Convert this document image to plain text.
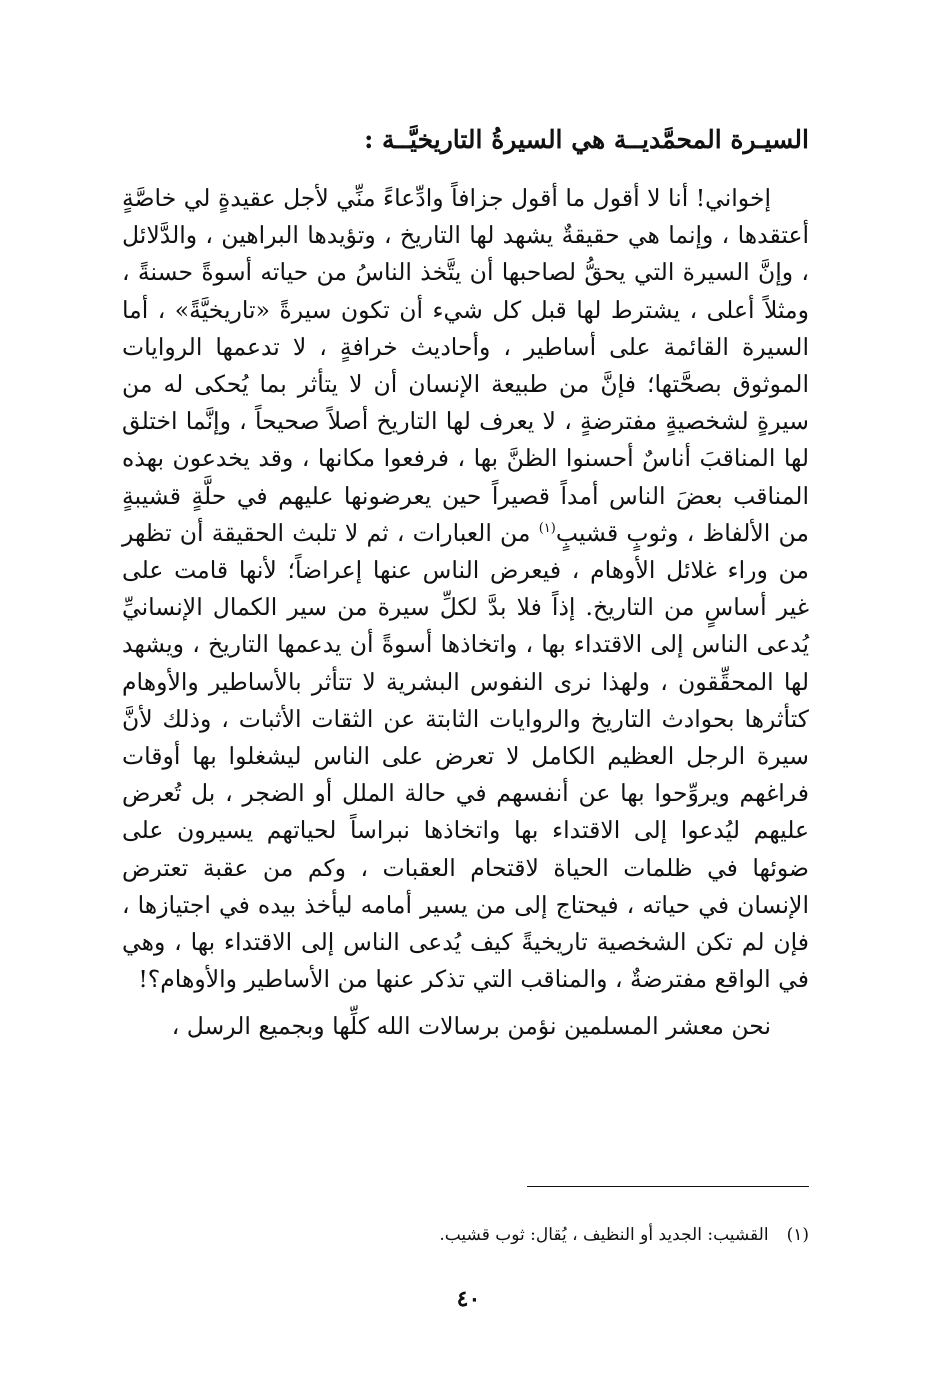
السيـرة المحمَّديــة هي السيرةُ التاريخيَّــة :

إخواني! أنا لا أقول ما أقول جزافاً وادِّعاءً منِّي لأجل عقيدةٍ لي خاصَّةٍ أعتقدها ، وإنما هي حقيقةٌ يشهد لها التاريخ ، وتؤيدها البراهين ، والدَّلائل ، وإنَّ السيرة التي يحقُّ لصاحبها أن يتَّخذ الناسُ من حياته أسوةً حسنةً ، ومثلاً أعلى ، يشترط لها قبل كل شيء أن تكون سيرةً «تاريخيَّةً» ، أما السيرة القائمة على أساطير ، وأحاديث خرافةٍ ، لا تدعمها الروايات الموثوق بصحَّتها؛ فإنَّ من طبيعة الإنسان أن لا يتأثر بما يُحكى له من سيرةٍ لشخصيةٍ مفترضةٍ ، لا يعرف لها التاريخ أصلاً صحيحاً ، وإنَّما اختلق لها المناقبَ أناسٌ أحسنوا الظنَّ بها ، فرفعوا مكانها ، وقد يخدعون بهذه المناقب بعضَ الناس أمداً قصيراً حين يعرضونها عليهم في حلَّةٍ قشيبةٍ من الألفاظ ، وثوبٍ قشيبٍ$^{(١)}$ من العبارات ، ثم لا تلبث الحقيقة أن تظهر من وراء غلائل الأوهام ، فيعرض الناس عنها إعراضاً؛ لأنها قامت على غير أساسٍ من التاريخ. إذاً فلا بدَّ لكلِّ سيرة من سير الكمال الإنسانيِّ يُدعى الناس إلى الاقتداء بها ، واتخاذها أسوةً أن يدعمها التاريخ ، ويشهد لها المحقِّقون ، ولهذا نرى النفوس البشرية لا تتأثر بالأساطير والأوهام كتأثرها بحوادث التاريخ والروايات الثابتة عن الثقات الأثبات ، وذلك لأنَّ سيرة الرجل العظيم الكامل لا تعرض على الناس ليشغلوا بها أوقات فراغهم ويروِّحوا بها عن أنفسهم في حالة الملل أو الضجر ، بل تُعرض عليهم ليُدعوا إلى الاقتداء بها واتخاذها نبراساً لحياتهم يسيرون على ضوئها في ظلمات الحياة لاقتحام العقبات ، وكم من عقبة تعترض الإنسان في حياته ، فيحتاج إلى من يسير أمامه ليأخذ بيده في اجتيازها ، فإن لم تكن الشخصية تاريخيةً كيف يُدعى الناس إلى الاقتداء بها ، وهي في الواقع مفترضةٌ ، والمناقب التي تذكر عنها من الأساطير والأوهام؟!

نحن معشر المسلمين نؤمن برسالات الله كلِّها وبجميع الرسل ،

(١)القشيب: الجديد أو النظيف ، يُقال: ثوب قشيب.
٤٠
